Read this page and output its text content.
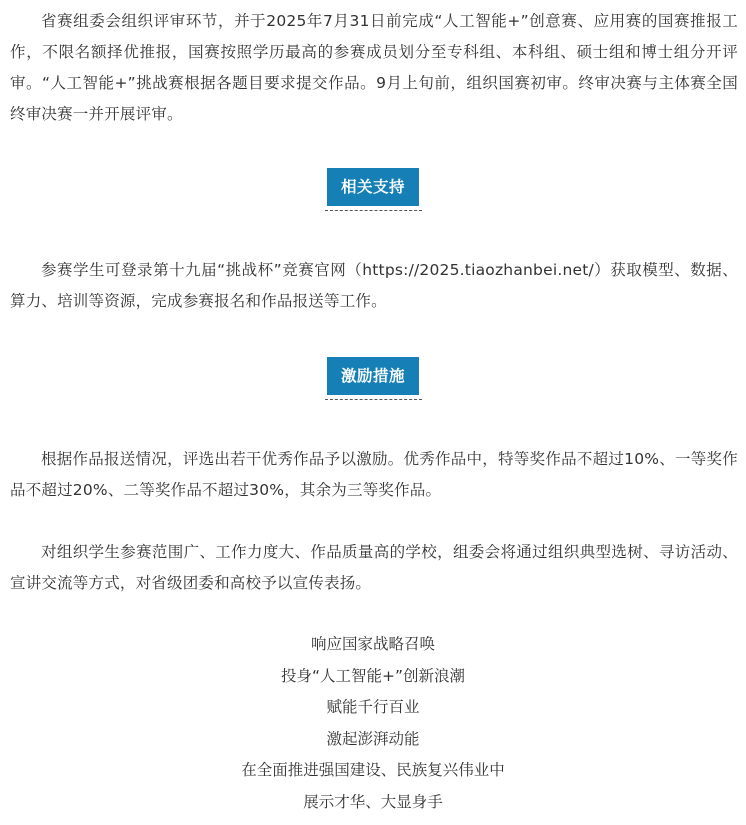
省赛组委会组织评审环节，并于2025年7月31日前完成“人工智能+”创意赛、应用赛的国赛推报工作，不限名额择优推报，国赛按照学历最高的参赛成员划分至专科组、本科组、硕士组和博士组分开评审。“人工智能+”挑战赛根据各题目要求提交作品。9月上旬前，组织国赛初审。终审决赛与主体赛全国终审决赛一并开展评审。

相关支持

参赛学生可登录第十九届“挑战杯”竞赛官网（https://2025.tiaozhanbei.net/）获取模型、数据、算力、培训等资源，完成参赛报名和作品报送等工作。

激励措施

根据作品报送情况，评选出若干优秀作品予以激励。优秀作品中，特等奖作品不超过10%、一等奖作品不超过20%、二等奖作品不超过30%，其余为三等奖作品。

对组织学生参赛范围广、工作力度大、作品质量高的学校，组委会将通过组织典型选树、寻访活动、宣讲交流等方式，对省级团委和高校予以宣传表扬。

响应国家战略召唤
投身“人工智能+”创新浪潮
赋能千行百业
激起澎湃动能
在全面推进强国建设、民族复兴伟业中
展示才华、大显身手
